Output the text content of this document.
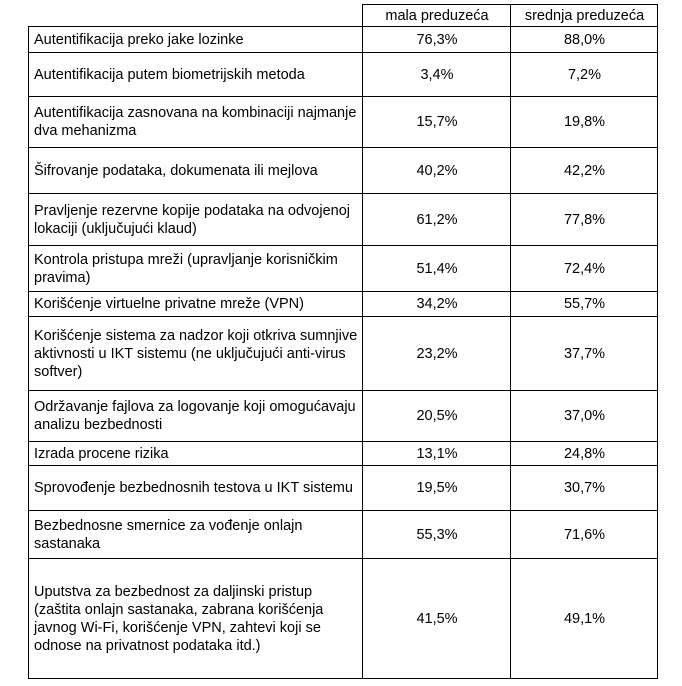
	mala preduzeća	srednja preduzeća
Autentifikacija preko jake lozinke	76,3%	88,0%
Autentifikacija putem biometrijskih metoda	3,4%	7,2%
Autentifikacija zasnovana na kombinaciji najmanje dva mehanizma	15,7%	19,8%
Šifrovanje podataka, dokumenata ili mejlova	40,2%	42,2%
Pravljenje rezervne kopije podataka na odvojenoj lokaciji (uključujući klaud)	61,2%	77,8%
Kontrola pristupa mreži (upravljanje korisničkim pravima)	51,4%	72,4%
Korišćenje virtuelne privatne mreže (VPN)	34,2%	55,7%
Korišćenje sistema za nadzor koji otkriva sumnjive aktivnosti u IKT sistemu (ne uključujući anti-virus softver)	23,2%	37,7%
Održavanje fajlova za logovanje koji omogućavaju analizu bezbednosti	20,5%	37,0%
Izrada procene rizika	13,1%	24,8%
Sprovođenje bezbednosnih testova u IKT sistemu	19,5%	30,7%
Bezbednosne smernice za vođenje onlajn sastanaka	55,3%	71,6%
Uputstva za bezbednost za daljinski pristup (zaštita onlajn sastanaka, zabrana korišćenja javnog Wi-Fi, korišćenje VPN, zahtevi koji se odnose na privatnost podataka itd.)	41,5%	49,1%
